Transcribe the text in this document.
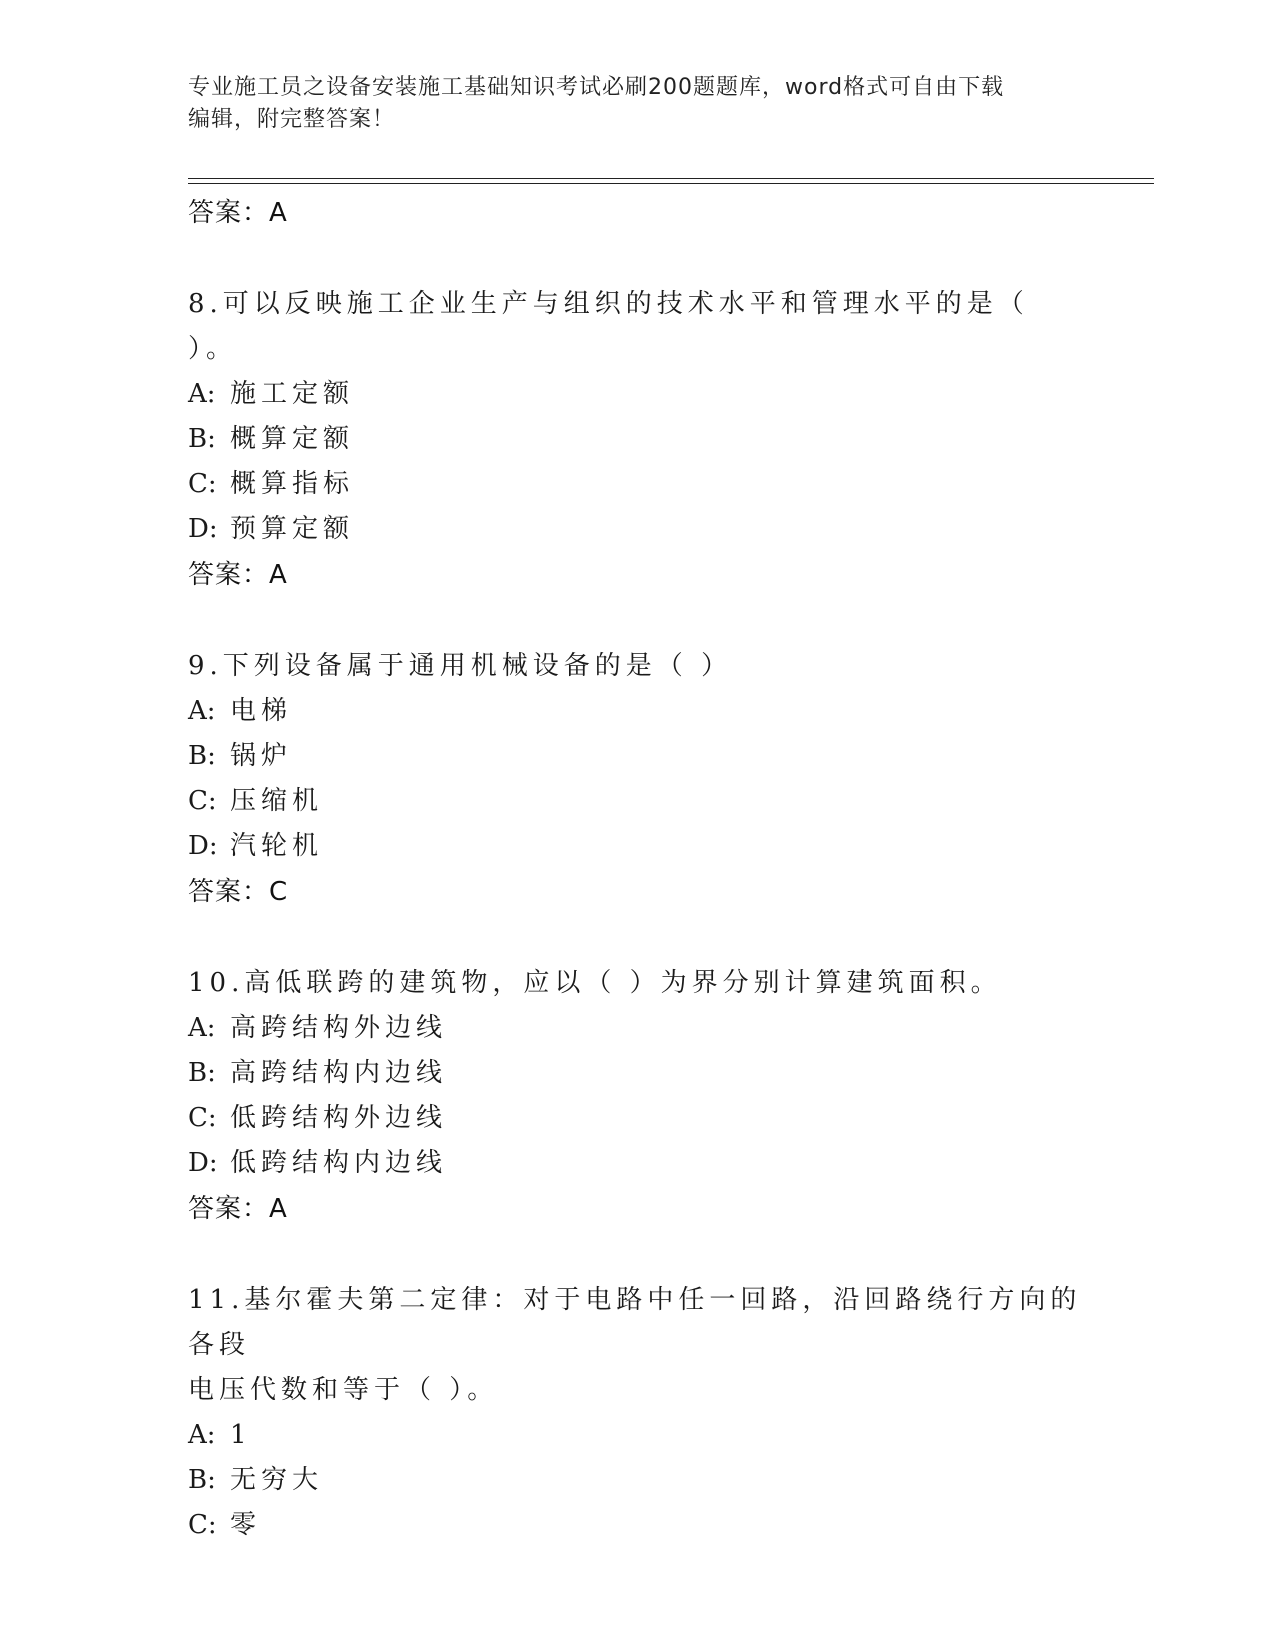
专业施工员之设备安装施工基础知识考试必刷200题题库，word格式可自由下载
编辑，附完整答案！
答案：A
8.可以反映施工企业生产与组织的技术水平和管理水平的是（ ）。
A: 施工定额
B: 概算定额
C: 概算指标
D: 预算定额
答案：A
9.下列设备属于通用机械设备的是（ ）
A: 电梯
B: 锅炉
C: 压缩机
D: 汽轮机
答案：C
10.高低联跨的建筑物，应以（ ）为界分别计算建筑面积。
A: 高跨结构外边线
B: 高跨结构内边线
C: 低跨结构外边线
D: 低跨结构内边线
答案：A
11.基尔霍夫第二定律：对于电路中任一回路，沿回路绕行方向的各段
电压代数和等于（ ）。
A: 1
B: 无穷大
C: 零
